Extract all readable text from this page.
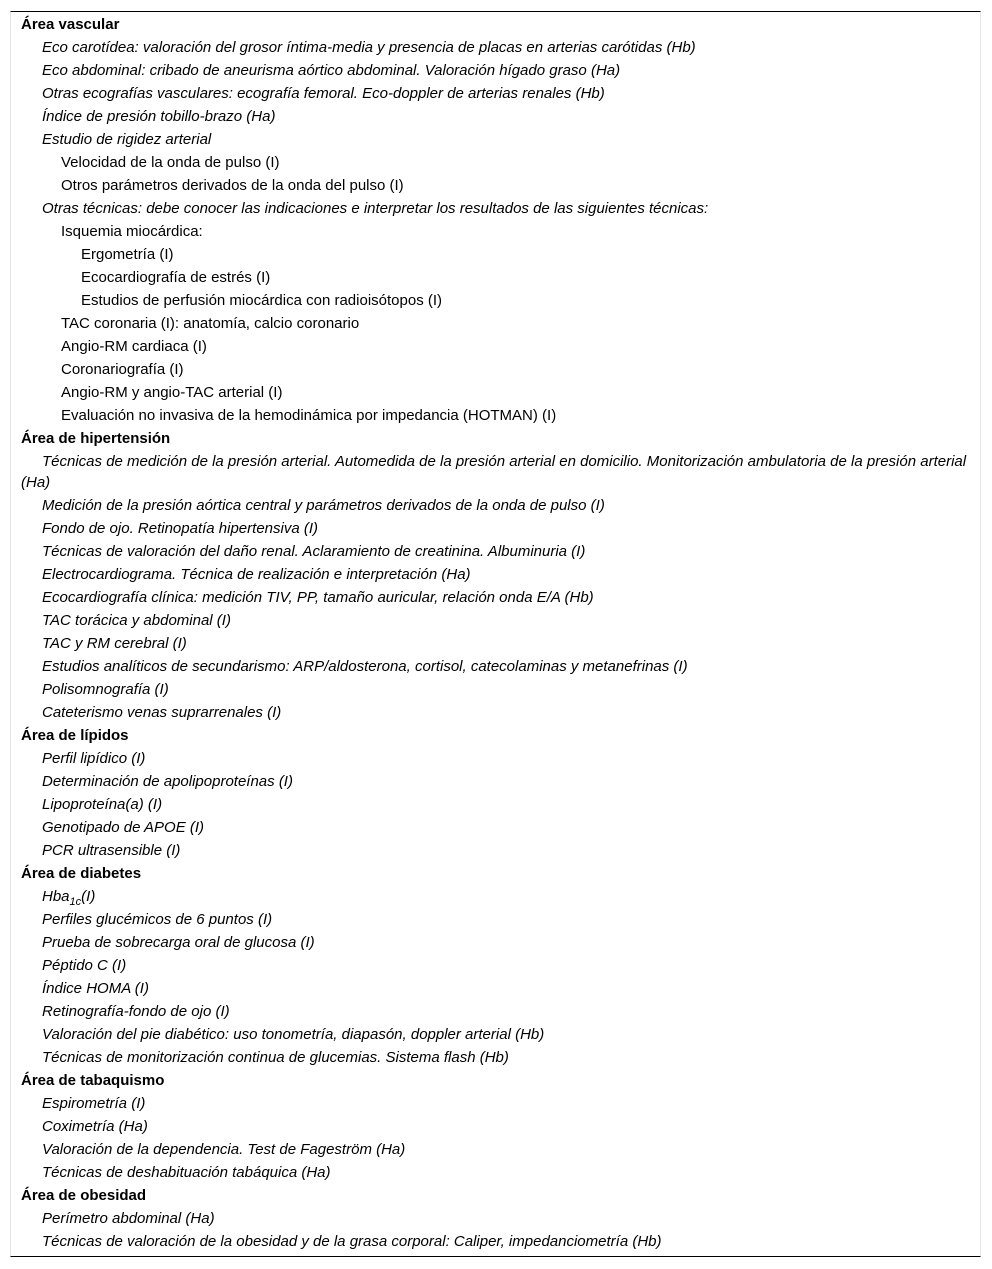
Área vascular
Eco carotídea: valoración del grosor íntima-media y presencia de placas en arterias carótidas (Hb)
Eco abdominal: cribado de aneurisma aórtico abdominal. Valoración hígado graso (Ha)
Otras ecografías vasculares: ecografía femoral. Eco-doppler de arterias renales (Hb)
Índice de presión tobillo-brazo (Ha)
Estudio de rigidez arterial
Velocidad de la onda de pulso (I)
Otros parámetros derivados de la onda del pulso (I)
Otras técnicas: debe conocer las indicaciones e interpretar los resultados de las siguientes técnicas:
Isquemia miocárdica:
Ergometría (I)
Ecocardiografía de estrés (I)
Estudios de perfusión miocárdica con radioisótopos (I)
TAC coronaria (I): anatomía, calcio coronario
Angio-RM cardiaca (I)
Coronariografía (I)
Angio-RM y angio-TAC arterial (I)
Evaluación no invasiva de la hemodinámica por impedancia (HOTMAN) (I)
Área de hipertensión
Técnicas de medición de la presión arterial. Automedida de la presión arterial en domicilio. Monitorización ambulatoria de la presión arterial (Ha)
Medición de la presión aórtica central y parámetros derivados de la onda de pulso (I)
Fondo de ojo. Retinopatía hipertensiva (I)
Técnicas de valoración del daño renal. Aclaramiento de creatinina. Albuminuria (I)
Electrocardiograma. Técnica de realización e interpretación (Ha)
Ecocardiografía clínica: medición TIV, PP, tamaño auricular, relación onda E/A (Hb)
TAC torácica y abdominal (I)
TAC y RM cerebral (I)
Estudios analíticos de secundarismo: ARP/aldosterona, cortisol, catecolaminas y metanefrinas (I)
Polisomnografía (I)
Cateterismo venas suprarrenales (I)
Área de lípidos
Perfil lipídico (I)
Determinación de apolipoproteínas (I)
Lipoproteína(a) (I)
Genotipado de APOE (I)
PCR ultrasensible (I)
Área de diabetes
Hba$_{1c}$(I)
Perfiles glucémicos de 6 puntos (I)
Prueba de sobrecarga oral de glucosa (I)
Péptido C (I)
Índice HOMA (I)
Retinografía-fondo de ojo (I)
Valoración del pie diabético: uso tonometría, diapasón, doppler arterial (Hb)
Técnicas de monitorización continua de glucemias. Sistema flash (Hb)
Área de tabaquismo
Espirometría (I)
Coximetría (Ha)
Valoración de la dependencia. Test de Fageström (Ha)
Técnicas de deshabituación tabáquica (Ha)
Área de obesidad
Perímetro abdominal (Ha)
Técnicas de valoración de la obesidad y de la grasa corporal: Caliper, impedanciometría (Hb)
